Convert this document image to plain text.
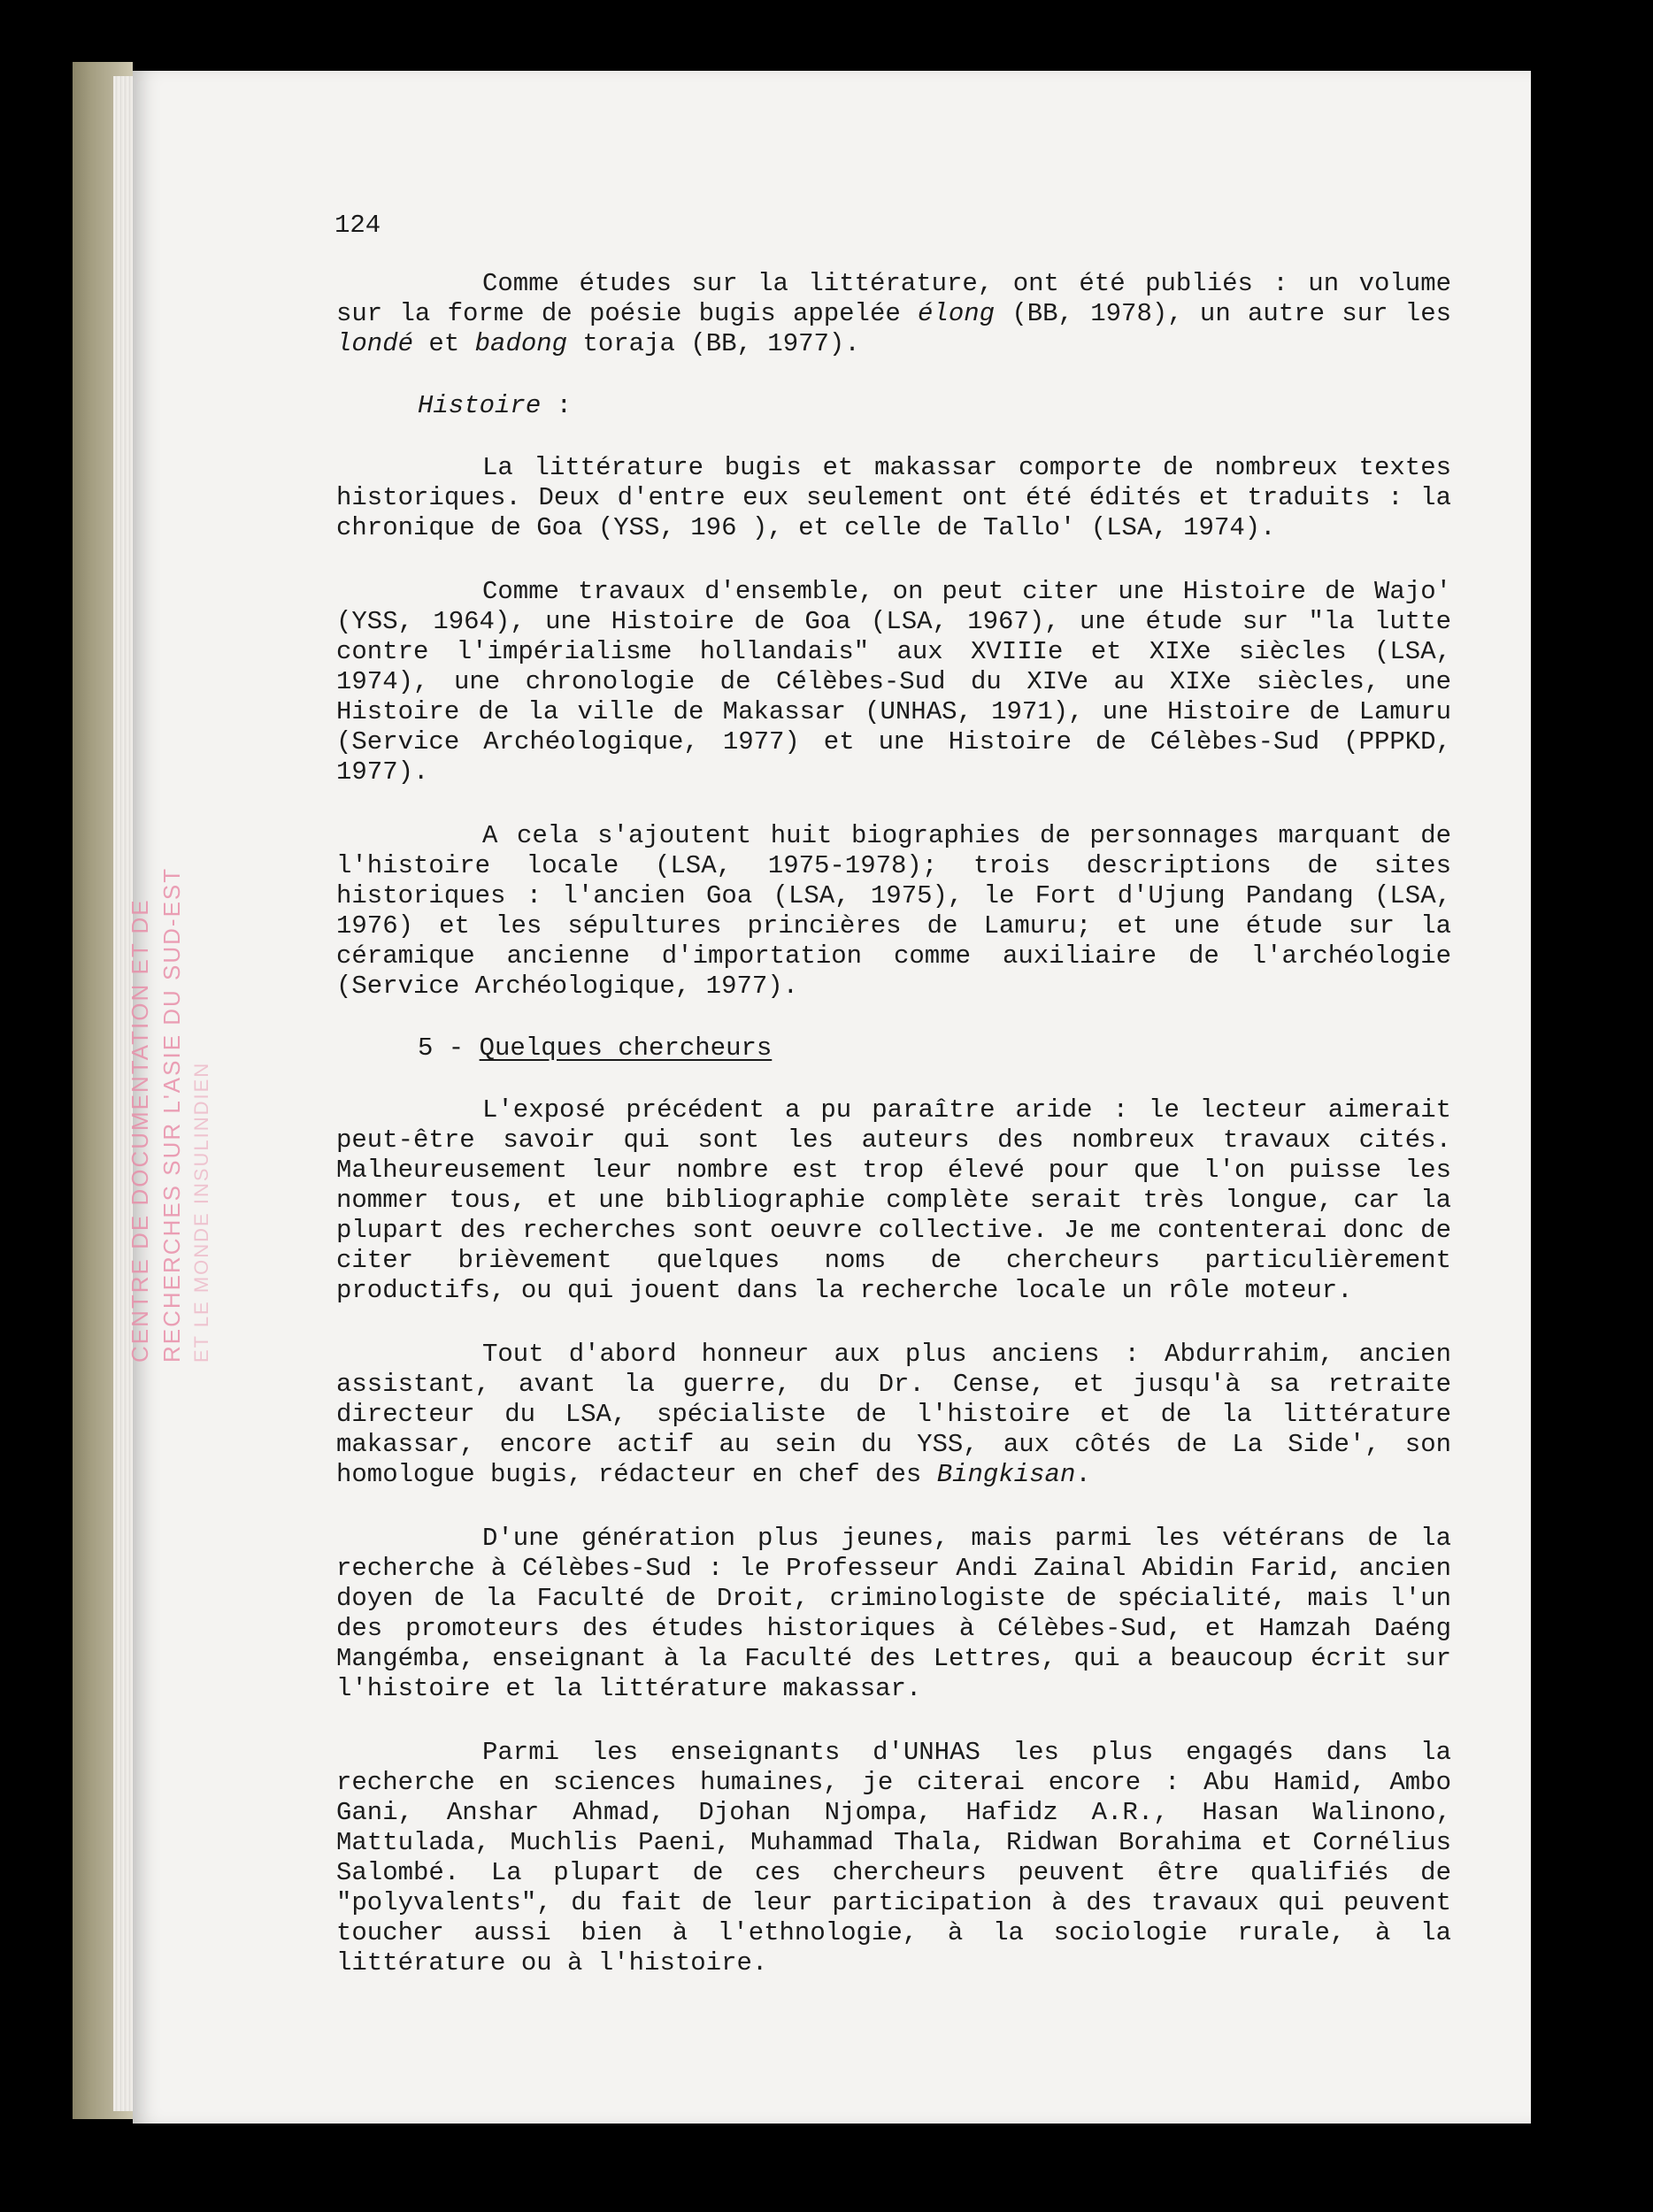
CENTRE DE DOCUMENTATION ET DE RECHERCHES SUR L'ASIE DU SUD-EST ET LE MONDE INSULINDIEN
124

Comme études sur la littérature, ont été publiés : un volume sur la forme de poésie bugis appelée élong (BB, 1978), un autre sur les londé et badong toraja (BB, 1977).

Histoire :

La littérature bugis et makassar comporte de nombreux textes historiques. Deux d'entre eux seulement ont été édités et traduits : la chronique de Goa (YSS, 196 ), et celle de Tallo' (LSA, 1974).

Comme travaux d'ensemble, on peut citer une Histoire de Wajo' (YSS, 1964), une Histoire de Goa (LSA, 1967), une étude sur "la lutte contre l'impérialisme hollandais" aux XVIIIe et XIXe siècles (LSA, 1974), une chronologie de Célèbes-Sud du XIVe au XIXe siècles, une Histoire de la ville de Makassar (UNHAS, 1971), une Histoire de Lamuru (Service Archéologique, 1977) et une Histoire de Célèbes-Sud (PPPKD, 1977).

A cela s'ajoutent huit biographies de personnages marquant de l'histoire locale (LSA, 1975-1978); trois descriptions de sites historiques : l'ancien Goa (LSA, 1975), le Fort d'Ujung Pandang (LSA, 1976) et les sépultures princières de Lamuru; et une étude sur la céramique ancienne d'importation comme auxiliaire de l'archéologie (Service Archéologique, 1977).

5 - Quelques chercheurs

L'exposé précédent a pu paraître aride : le lecteur aimerait peut-être savoir qui sont les auteurs des nombreux travaux cités. Malheureusement leur nombre est trop élevé pour que l'on puisse les nommer tous, et une bibliographie complète serait très longue, car la plupart des recherches sont oeuvre collective. Je me contenterai donc de citer brièvement quelques noms de chercheurs particulièrement productifs, ou qui jouent dans la recherche locale un rôle moteur.

Tout d'abord honneur aux plus anciens : Abdurrahim, ancien assistant, avant la guerre, du Dr. Cense, et jusqu'à sa retraite directeur du LSA, spécialiste de l'histoire et de la littérature makassar, encore actif au sein du YSS, aux côtés de La Side', son homologue bugis, rédacteur en chef des Bingkisan.

D'une génération plus jeunes, mais parmi les vétérans de la recherche à Célèbes-Sud : le Professeur Andi Zainal Abidin Farid, ancien doyen de la Faculté de Droit, criminologiste de spécialité, mais l'un des promoteurs des études historiques à Célèbes-Sud, et Hamzah Daéng Mangémba, enseignant à la Faculté des Lettres, qui a beaucoup écrit sur l'histoire et la littérature makassar.

Parmi les enseignants d'UNHAS les plus engagés dans la recherche en sciences humaines, je citerai encore : Abu Hamid, Ambo Gani, Anshar Ahmad, Djohan Njompa, Hafidz A.R., Hasan Walinono, Mattulada, Muchlis Paeni, Muhammad Thala, Ridwan Borahima et Cornélius Salombé. La plupart de ces chercheurs peuvent être qualifiés de "polyvalents", du fait de leur participation à des travaux qui peuvent toucher aussi bien à l'ethnologie, à la sociologie rurale, à la littérature ou à l'histoire.
